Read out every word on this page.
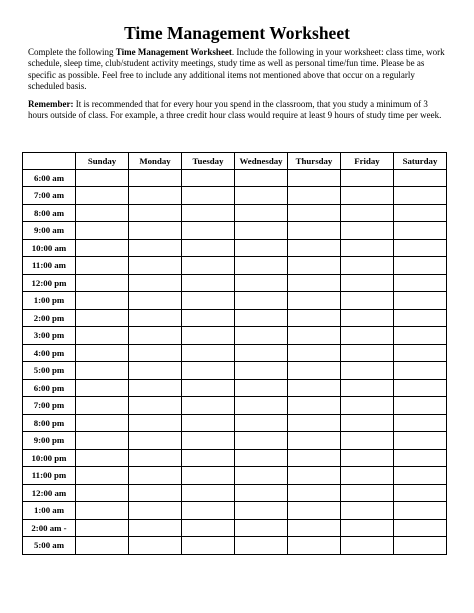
Time Management Worksheet
Complete the following Time Management Worksheet. Include the following in your worksheet: class time, work schedule, sleep time, club/student activity meetings, study time as well as personal time/fun time. Please be as specific as possible. Feel free to include any additional items not mentioned above that occur on a regularly scheduled basis.
Remember: It is recommended that for every hour you spend in the classroom, that you study a minimum of 3 hours outside of class. For example, a three credit hour class would require at least 9 hours of study time per week.
	Sunday	Monday	Tuesday	Wednesday	Thursday	Friday	Saturday
6:00 am							
7:00 am							
8:00 am							
9:00 am							
10:00 am							
11:00 am							
12:00 pm							
1:00 pm							
2:00 pm							
3:00 pm							
4:00 pm							
5:00 pm							
6:00 pm							
7:00 pm							
8:00 pm							
9:00 pm							
10:00 pm							
11:00 pm							
12:00 am							
1:00 am							
2:00 am -							
5:00 am							
